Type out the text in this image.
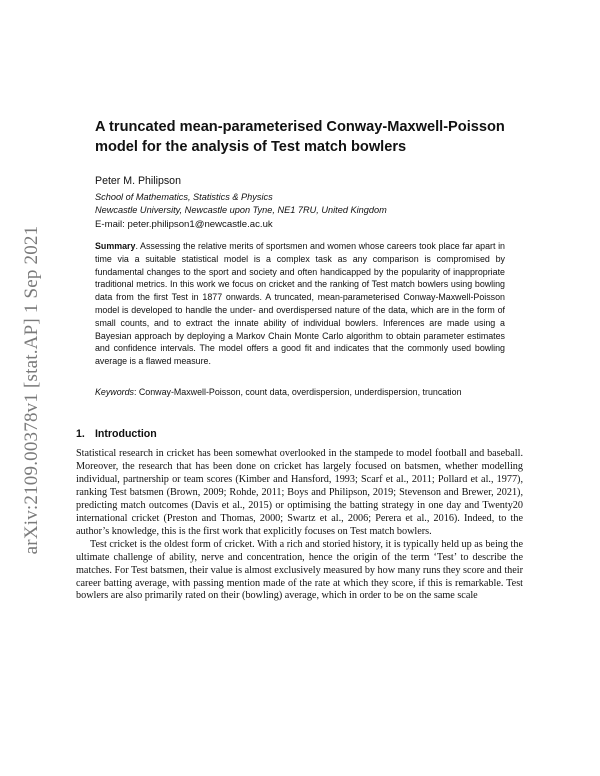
arXiv:2109.00378v1 [stat.AP] 1 Sep 2021
A truncated mean-parameterised Conway-Maxwell-Poisson model for the analysis of Test match bowlers
Peter M. Philipson
School of Mathematics, Statistics & Physics
Newcastle University, Newcastle upon Tyne, NE1 7RU, United Kingdom
E-mail: peter.philipson1@newcastle.ac.uk

Summary. Assessing the relative merits of sportsmen and women whose careers took place far apart in time via a suitable statistical model is a complex task as any comparison is compromised by fundamental changes to the sport and society and often handicapped by the popularity of inappropriate traditional metrics. In this work we focus on cricket and the ranking of Test match bowlers using bowling data from the first Test in 1877 onwards. A truncated, mean-parameterised Conway-Maxwell-Poisson model is developed to handle the under- and overdispersed nature of the data, which are in the form of small counts, and to extract the innate ability of individual bowlers. Inferences are made using a Bayesian approach by deploying a Markov Chain Monte Carlo algorithm to obtain parameter estimates and confidence intervals. The model offers a good fit and indicates that the commonly used bowling average is a flawed measure.

Keywords: Conway-Maxwell-Poisson, count data, overdispersion, underdispersion, truncation

1. Introduction

Statistical research in cricket has been somewhat overlooked in the stampede to model football and baseball. Moreover, the research that has been done on cricket has largely focused on batsmen, whether modelling individual, partnership or team scores (Kimber and Hansford, 1993; Scarf et al., 2011; Pollard et al., 1977), ranking Test batsmen (Brown, 2009; Rohde, 2011; Boys and Philipson, 2019; Stevenson and Brewer, 2021), predicting match outcomes (Davis et al., 2015) or optimising the batting strategy in one day and Twenty20 international cricket (Preston and Thomas, 2000; Swartz et al., 2006; Perera et al., 2016). Indeed, to the author’s knowledge, this is the first work that explicitly focuses on Test match bowlers.

Test cricket is the oldest form of cricket. With a rich and storied history, it is typically held up as being the ultimate challenge of ability, nerve and concentration, hence the origin of the term ‘Test’ to describe the matches. For Test batsmen, their value is almost exclusively measured by how many runs they score and their career batting average, with passing mention made of the rate at which they score, if this is remarkable. Test bowlers are also primarily rated on their (bowling) average, which in order to be on the same scale
